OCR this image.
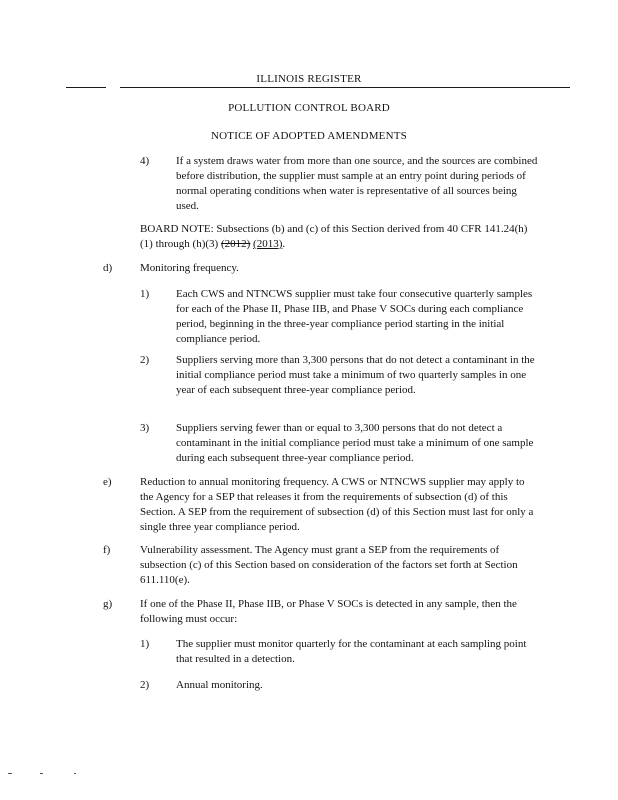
ILLINOIS REGISTER
POLLUTION CONTROL BOARD
NOTICE OF ADOPTED AMENDMENTS
4) If a system draws water from more than one source, and the sources are combined before distribution, the supplier must sample at an entry point during periods of normal operating conditions when water is representative of all sources being used.
BOARD NOTE: Subsections (b) and (c) of this Section derived from 40 CFR 141.24(h)(1) through (h)(3) (2012) (2013).
d)	Monitoring frequency.
1) Each CWS and NTNCWS supplier must take four consecutive quarterly samples for each of the Phase II, Phase IIB, and Phase V SOCs during each compliance period, beginning in the three-year compliance period starting in the initial compliance period.
2) Suppliers serving more than 3,300 persons that do not detect a contaminant in the initial compliance period must take a minimum of two quarterly samples in one year of each subsequent three-year compliance period.
3) Suppliers serving fewer than or equal to 3,300 persons that do not detect a contaminant in the initial compliance period must take a minimum of one sample during each subsequent three-year compliance period.
e)	Reduction to annual monitoring frequency. A CWS or NTNCWS supplier may apply to the Agency for a SEP that releases it from the requirements of subsection (d) of this Section. A SEP from the requirement of subsection (d) of this Section must last for only a single three year compliance period.
f)	Vulnerability assessment. The Agency must grant a SEP from the requirements of subsection (c) of this Section based on consideration of the factors set forth at Section 611.110(e).
g)	If one of the Phase II, Phase IIB, or Phase V SOCs is detected in any sample, then the following must occur:
1) The supplier must monitor quarterly for the contaminant at each sampling point that resulted in a detection.
2) Annual monitoring.
